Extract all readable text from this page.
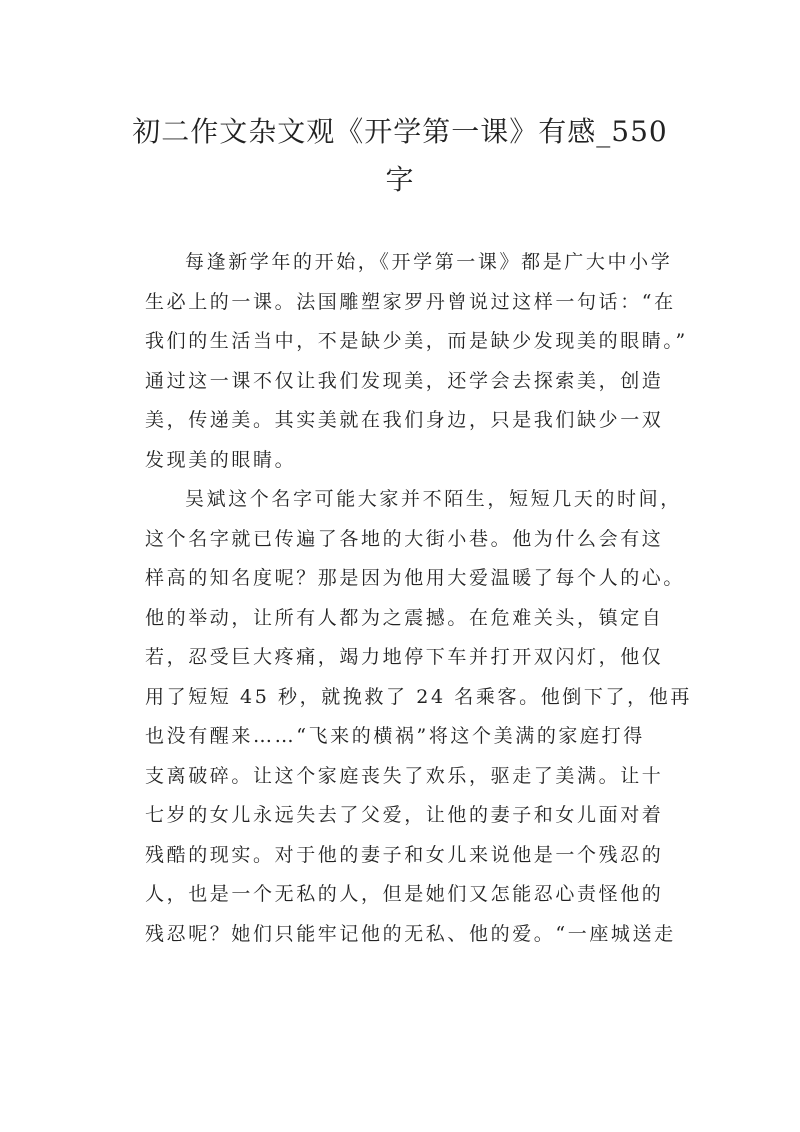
初二作文杂文观《开学第一课》有感_550
字
每逢新学年的开始，《开学第一课》都是广大中小学
生必上的一课。法国雕塑家罗丹曾说过这样一句话：“在
我们的生活当中，不是缺少美，而是缺少发现美的眼睛。”
通过这一课不仅让我们发现美，还学会去探索美，创造
美，传递美。其实美就在我们身边，只是我们缺少一双
发现美的眼睛。
吴斌这个名字可能大家并不陌生，短短几天的时间，
这个名字就已传遍了各地的大街小巷。他为什么会有这
样高的知名度呢？那是因为他用大爱温暖了每个人的心。
他的举动，让所有人都为之震撼。在危难关头，镇定自
若，忍受巨大疼痛，竭力地停下车并打开双闪灯，他仅
用了短短 45 秒，就挽救了 24 名乘客。他倒下了，他再
也没有醒来……“飞来的横祸”将这个美满的家庭打得
支离破碎。让这个家庭丧失了欢乐，驱走了美满。让十
七岁的女儿永远失去了父爱，让他的妻子和女儿面对着
残酷的现实。对于他的妻子和女儿来说他是一个残忍的
人，也是一个无私的人，但是她们又怎能忍心责怪他的
残忍呢？她们只能牢记他的无私、他的爱。“一座城送走
